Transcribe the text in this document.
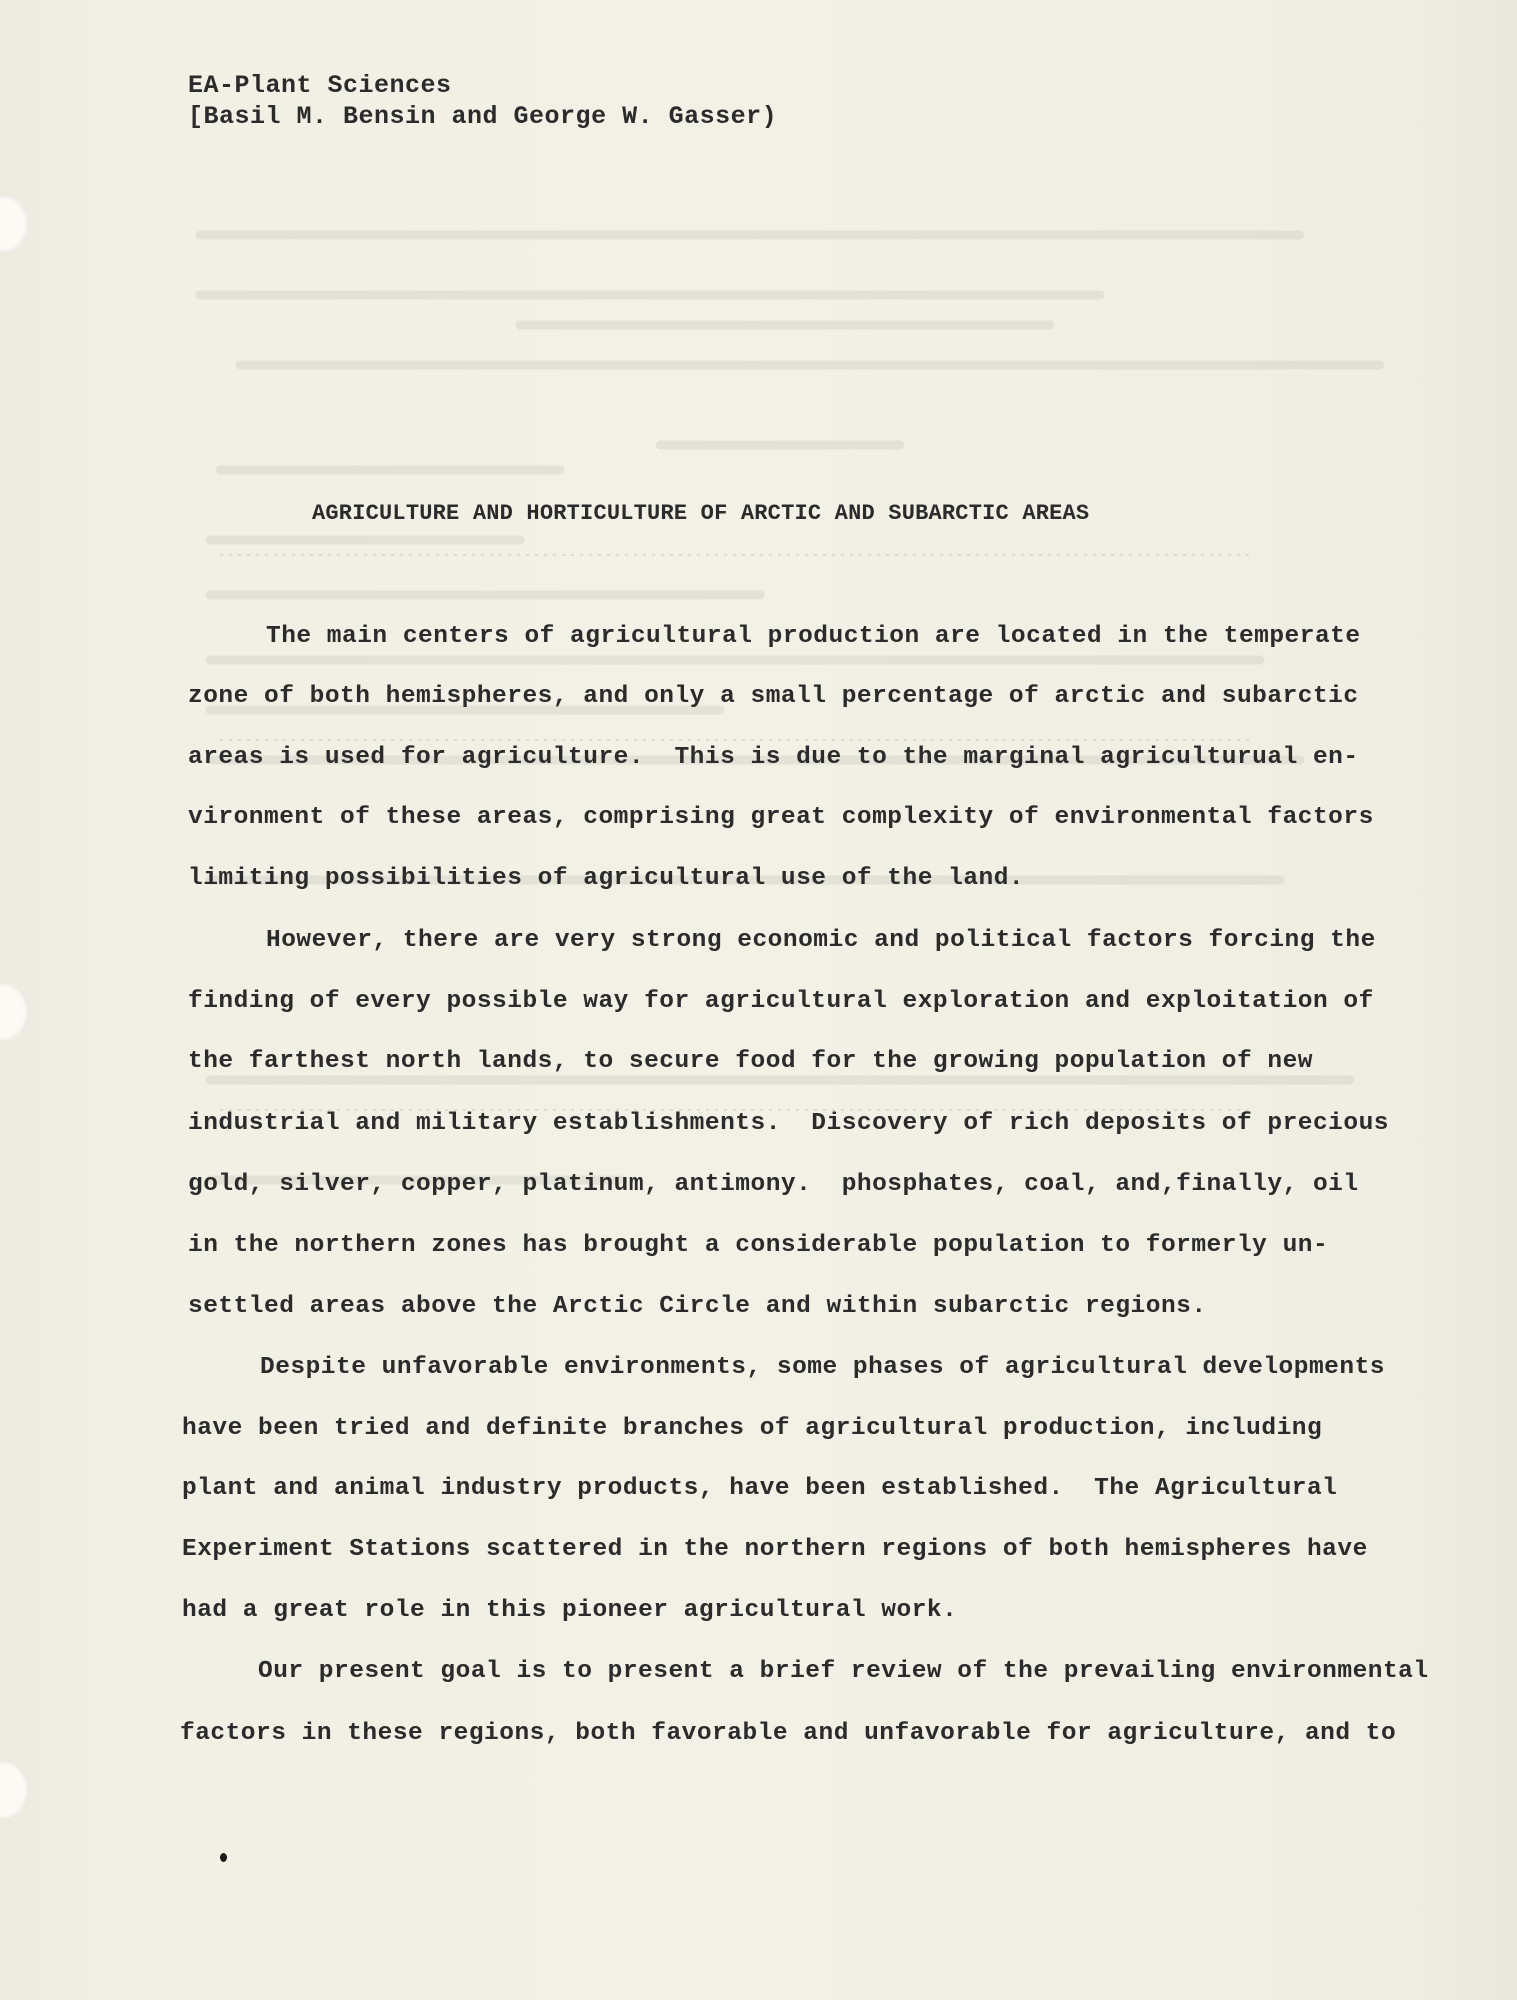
EA-Plant Sciences
[Basil M. Bensin and George W. Gasser)
AGRICULTURE AND HORTICULTURE OF ARCTIC AND SUBARCTIC AREAS
The main centers of agricultural production are located in the temperate
zone of both hemispheres, and only a small percentage of arctic and subarctic
areas is used for agriculture.  This is due to the marginal agriculturual en-
vironment of these areas, comprising great complexity of environmental factors
limiting possibilities of agricultural use of the land.
However, there are very strong economic and political factors forcing the
finding of every possible way for agricultural exploration and exploitation of
the farthest north lands, to secure food for the growing population of new
industrial and military establishments.  Discovery of rich deposits of precious
gold, silver, copper, platinum, antimony.  phosphates, coal, and,finally, oil
in the northern zones has brought a considerable population to formerly un-
settled areas above the Arctic Circle and within subarctic regions.
Despite unfavorable environments, some phases of agricultural developments
have been tried and definite branches of agricultural production, including
plant and animal industry products, have been established.  The Agricultural
Experiment Stations scattered in the northern regions of both hemispheres have
had a great role in this pioneer agricultural work.
Our present goal is to present a brief review of the prevailing environmental
factors in these regions, both favorable and unfavorable for agriculture, and to
